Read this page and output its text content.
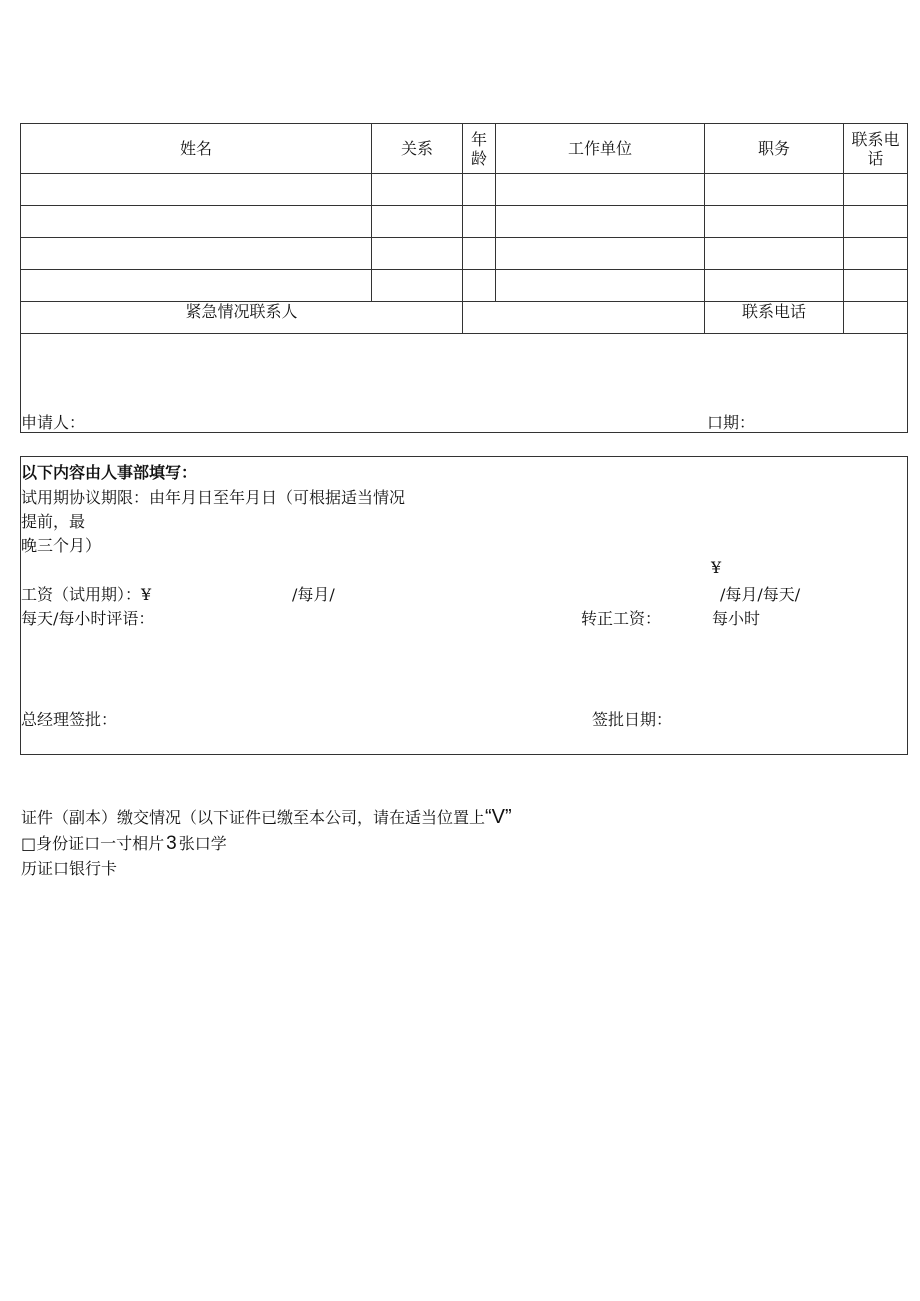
姓名	关系	年龄	工作单位	职务	联系电话
紧急情况联系人	联系电话
申请人：	口期：
以下内容由人事部填写：
试用期协议期限：由年月日至年月日（可根据适当情况
提前，最
晚三个月）
¥
工资（试用期）：¥	/每月/	/每月/每天/
每天/每小时评语：	转正工资：	每小时
总经理签批：	签批日期：
证件（副本）缴交情况（以下证件已缴至本公司，请在适当位置上“V”
□身份证口一寸相片 3 张口学
历证口银行卡
